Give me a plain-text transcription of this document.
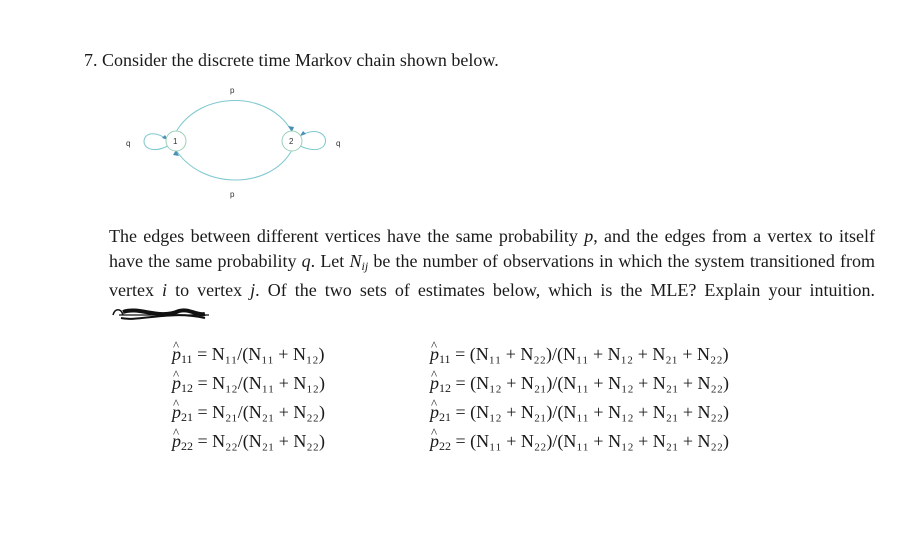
7. Consider the discrete time Markov chain shown below.
1	2
p
p
q	q
The edges between different vertices have the same probability p, and the edges from a vertex to itself have the same probability q. Let $N_{ij}$ be the number of observations in which the system transitioned from vertex i to vertex j. Of the two sets of estimates below, which is the MLE? Explain your intuition.
^ $p_{11} = N_{11}/(N_{11} + N_{12})$
^ $p_{12} = N_{12}/(N_{11} + N_{12})$
^ $p_{21} = N_{21}/(N_{21} + N_{22})$
^ $p_{22} = N_{22}/(N_{21} + N_{22})$
^ $p_{11} = (N_{11} + N_{22})/(N_{11} + N_{12} + N_{21} + N_{22})$
^ $p_{12} = (N_{12} + N_{21})/(N_{11} + N_{12} + N_{21} + N_{22})$
^ $p_{21} = (N_{12} + N_{21})/(N_{11} + N_{12} + N_{21} + N_{22})$
^ $p_{22} = (N_{11} + N_{22})/(N_{11} + N_{12} + N_{21} + N_{22})$
